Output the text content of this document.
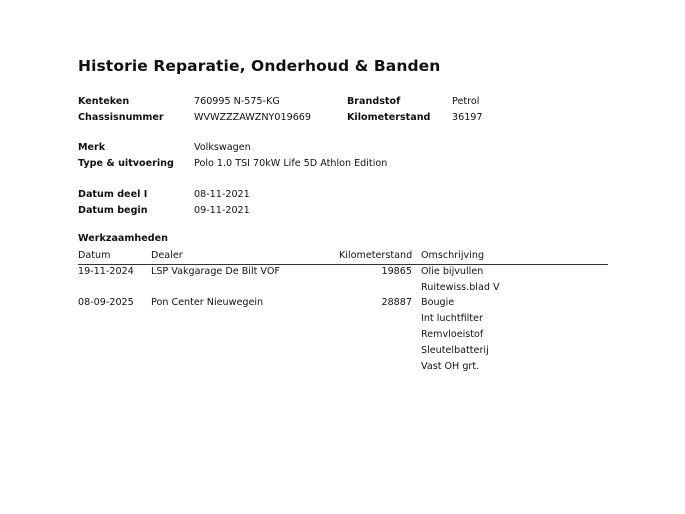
Historie Reparatie, Onderhoud & Banden
Kenteken	760995 N-575-KG	Brandstof	Petrol
Chassisnummer	WVWZZZAWZNY019669	Kilometerstand 36197
Merk	Volkswagen
Type & uitvoering Polo 1.0 TSI 70kW Life 5D Athlon Edition
Datum deel I	08-11-2021
Datum begin	09-11-2021
Werkzaamheden
Datum	Dealer	Kilometerstand Omschrijving
19-11-2024 LSP Vakgarage De Bilt VOF	19865 Olie bijvullen
Ruitewiss.blad V
08-09-2025 Pon Center Nieuwegein	28887 Bougie
Int luchtfilter
Remvloeistof
Sleutelbatterij
Vast OH grt.
